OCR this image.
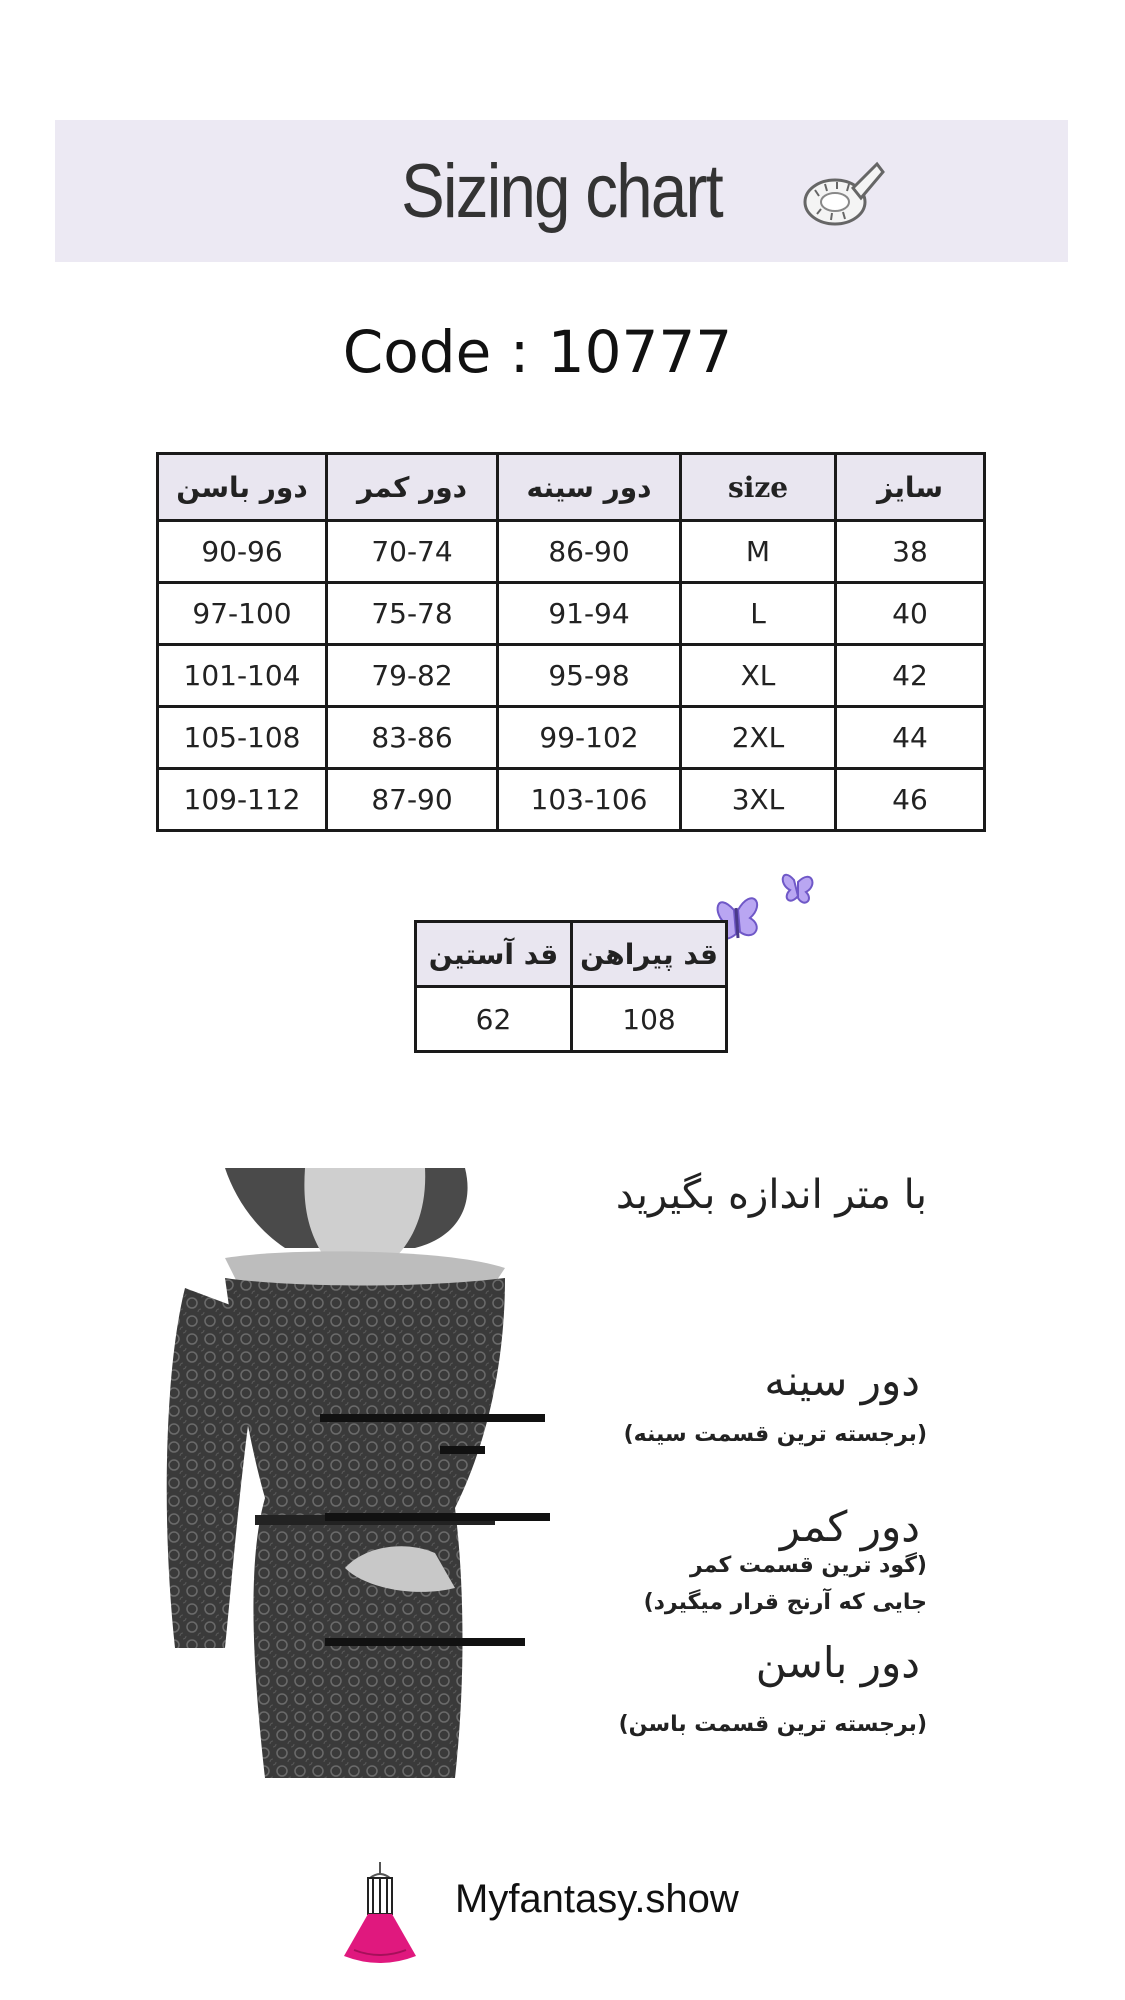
Sizing chart
Code : 10777
سایز	size	دور سینه	دور کمر	دور باسن
38	M	86-90	70-74	90-96
40	L	91-94	75-78	97-100
42	XL	95-98	79-82	101-104
44	2XL	99-102	83-86	105-108
46	3XL	103-106	87-90	109-112
قد پیراهن	قد آستین
108	62
با متر اندازه بگیرید
دور سینه
(برجسته ترین قسمت سینه)
دور کمر
(گود ترین قسمت کمر
جایی که آرنج قرار میگیرد)
دور باسن
(برجسته ترین قسمت باسن)
Myfantasy.show
